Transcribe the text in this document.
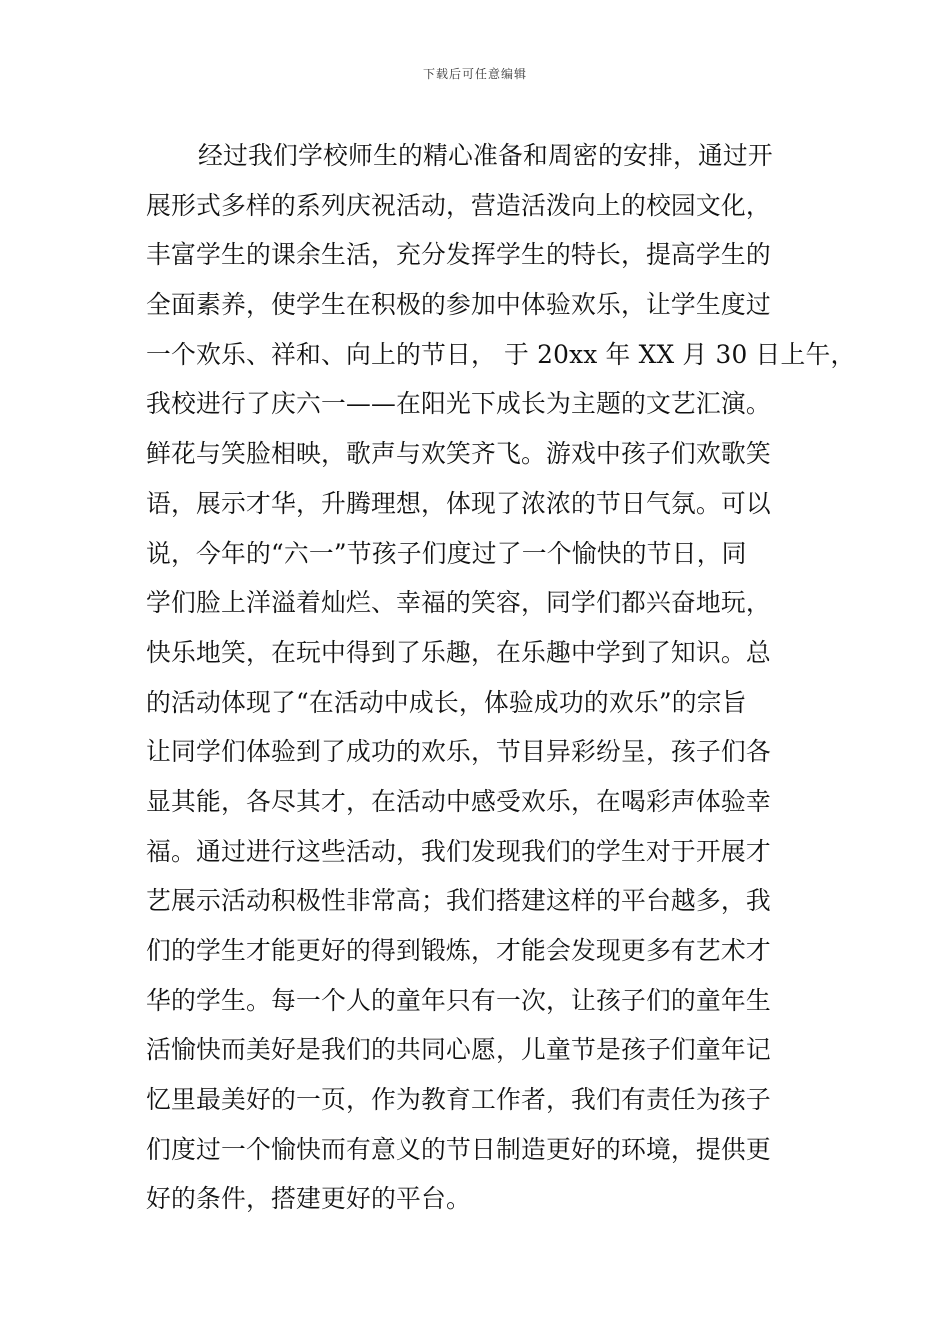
下载后可任意编辑
经过我们学校师生的精心准备和周密的安排，通过开
展形式多样的系列庆祝活动，营造活泼向上的校园文化，
丰富学生的课余生活，充分发挥学生的特长，提高学生的
全面素养，使学生在积极的参加中体验欢乐，让学生度过
一个欢乐、祥和、向上的节日， 于 20xx 年 XX 月 30 日上午，
我校进行了庆六一——在阳光下成长为主题的文艺汇演。
鲜花与笑脸相映，歌声与欢笑齐飞。游戏中孩子们欢歌笑
语，展示才华，升腾理想，体现了浓浓的节日气氛。可以
说，今年的“六一”节孩子们度过了一个愉快的节日，同
学们脸上洋溢着灿烂、幸福的笑容，同学们都兴奋地玩，
快乐地笑，在玩中得到了乐趣，在乐趣中学到了知识。总
的活动体现了“在活动中成长，体验成功的欢乐”的宗旨
让同学们体验到了成功的欢乐，节目异彩纷呈，孩子们各
显其能，各尽其才，在活动中感受欢乐，在喝彩声体验幸
福。通过进行这些活动，我们发现我们的学生对于开展才
艺展示活动积极性非常高；我们搭建这样的平台越多，我
们的学生才能更好的得到锻炼，才能会发现更多有艺术才
华的学生。每一个人的童年只有一次，让孩子们的童年生
活愉快而美好是我们的共同心愿，儿童节是孩子们童年记
忆里最美好的一页，作为教育工作者，我们有责任为孩子
们度过一个愉快而有意义的节日制造更好的环境，提供更
好的条件，搭建更好的平台。
